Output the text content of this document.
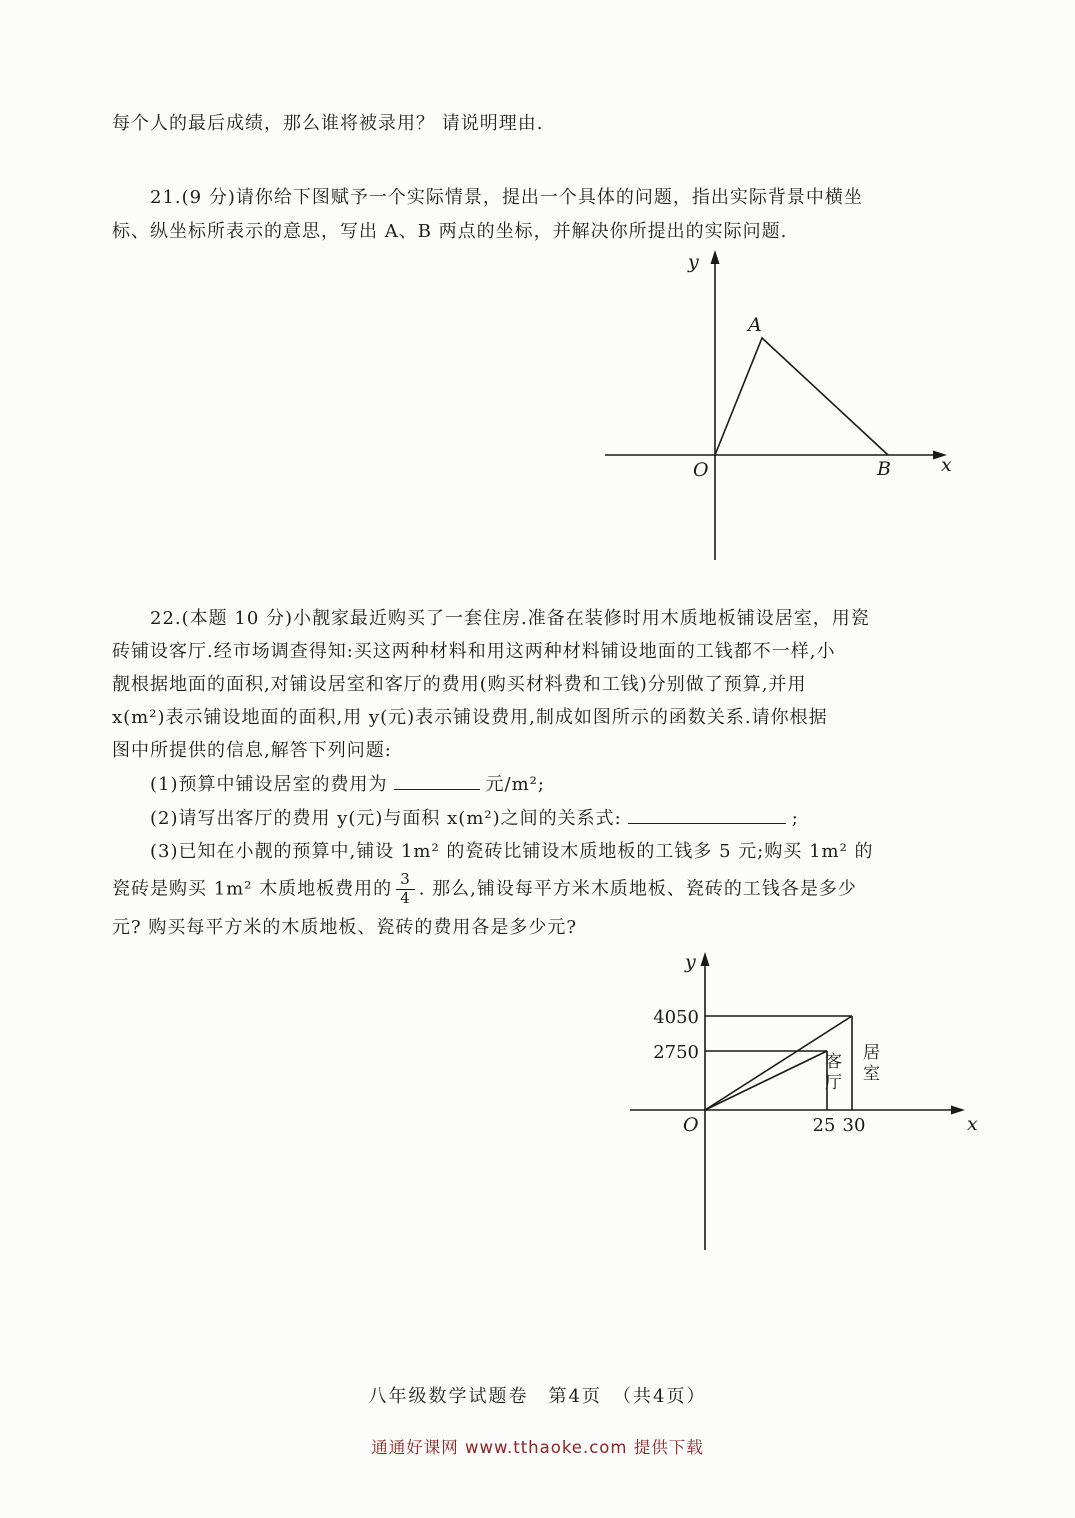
每个人的最后成绩，那么谁将被录用？ 请说明理由.
21.(9 分)请你给下图赋予一个实际情景，提出一个具体的问题，指出实际背景中横坐
标、纵坐标所表示的意思，写出 A、B 两点的坐标，并解决你所提出的实际问题.
y
x
O
A
B
22.(本题 10 分)小靓家最近购买了一套住房.准备在装修时用木质地板铺设居室，用瓷
砖铺设客厅.经市场调查得知:买这两种材料和用这两种材料铺设地面的工钱都不一样,小
靓根据地面的面积,对铺设居室和客厅的费用(购买材料费和工钱)分别做了预算,并用
x(m²)表示铺设地面的面积,用 y(元)表示铺设费用,制成如图所示的函数关系.请你根据
图中所提供的信息,解答下列问题:
(1)预算中铺设居室的费用为	元/m²;
(2)请写出客厅的费用 y(元)与面积 x(m²)之间的关系式:	;
(3)已知在小靓的预算中,铺设 1m² 的瓷砖比铺设木质地板的工钱多 5 元;购买 1m² 的
瓷砖是购买 1m² 木质地板费用的 $\frac{3}{4}$ . 那么,铺设每平方米木质地板、瓷砖的工钱各是多少
元? 购买每平方米的木质地板、瓷砖的费用各是多少元?
y
x
O
4050
2750
25 30
居室
客厅
八年级数学试题卷　第4页　（共4页）
通通好课网 www.tthaoke.com 提供下载
